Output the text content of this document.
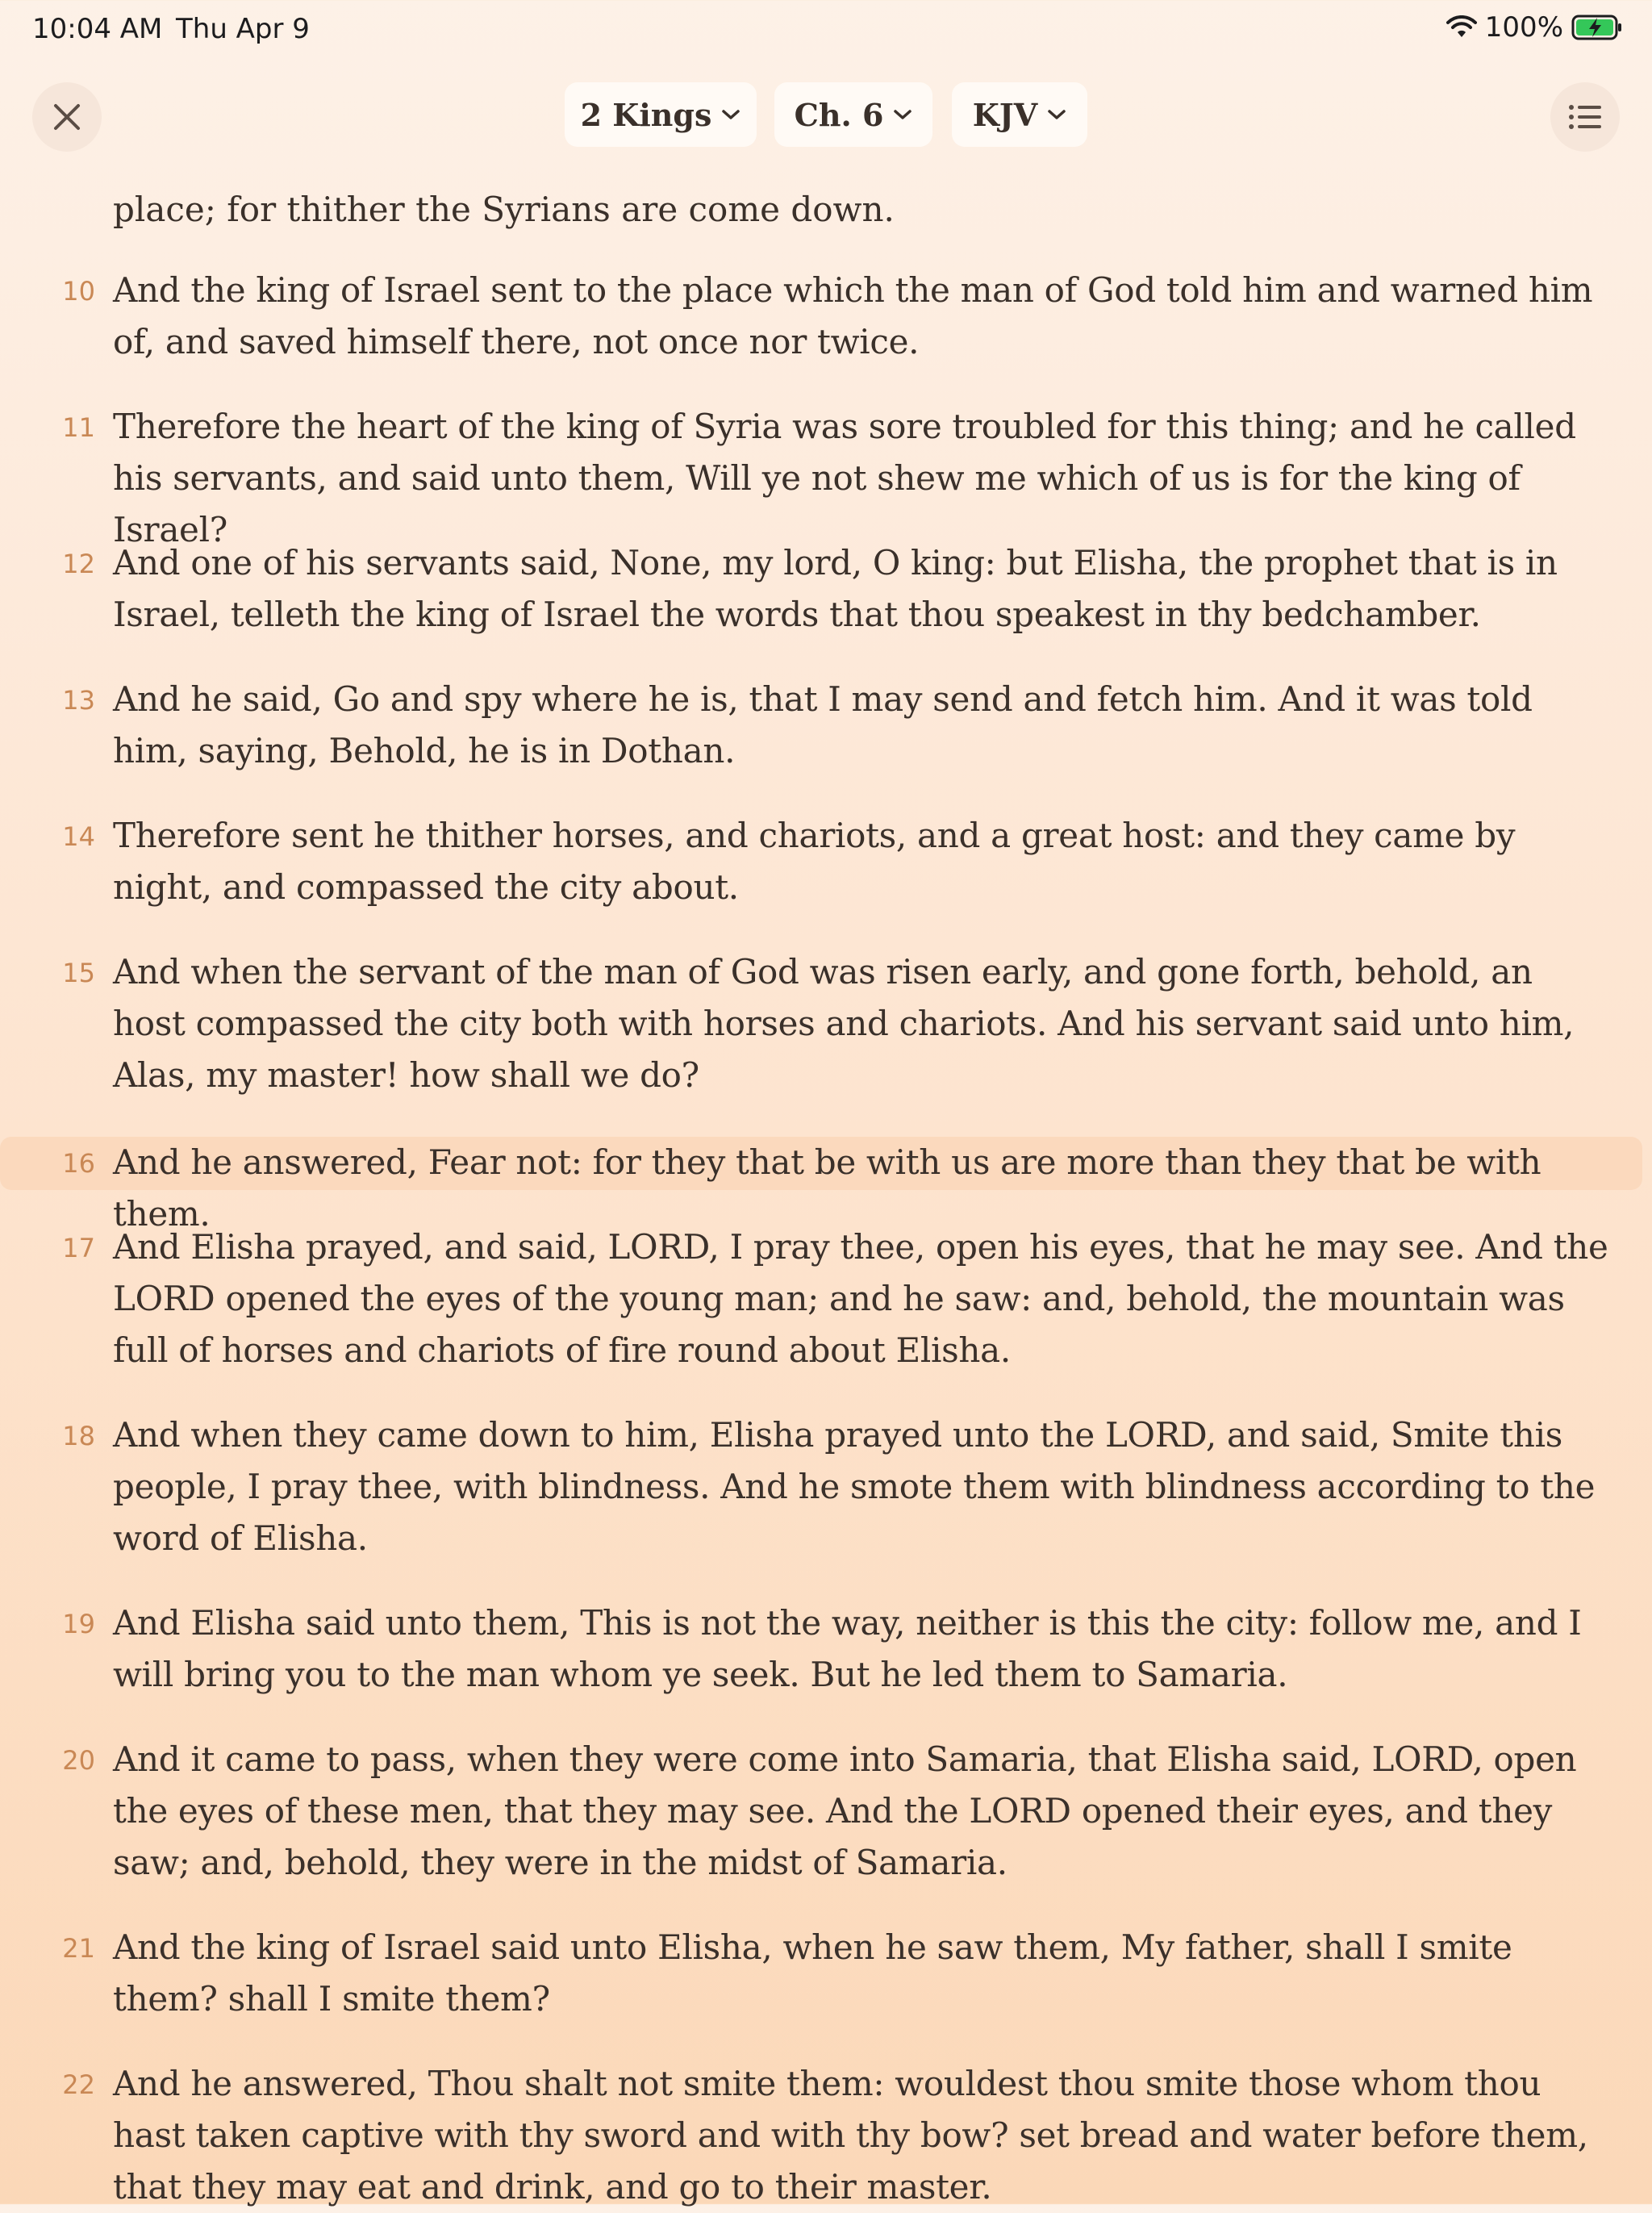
10:04 AM Thu Apr 9	100%
2 Kings	Ch. 6	KJV

place; for thither the Syrians are come down.

10 And the king of Israel sent to the place which the man of God told him and warned him of, and saved himself there, not once nor twice.
11 Therefore the heart of the king of Syria was sore troubled for this thing; and he called his servants, and said unto them, Will ye not shew me which of us is for the king of Israel?
12 And one of his servants said, None, my lord, O king: but Elisha, the prophet that is in Israel, telleth the king of Israel the words that thou speakest in thy bedchamber.
13 And he said, Go and spy where he is, that I may send and fetch him. And it was told him, saying, Behold, he is in Dothan.
14 Therefore sent he thither horses, and chariots, and a great host: and they came by night, and compassed the city about.
15 And when the servant of the man of God was risen early, and gone forth, behold, an host compassed the city both with horses and chariots. And his servant said unto him, Alas, my master! how shall we do?
16 And he answered, Fear not: for they that be with us are more than they that be with them.
17 And Elisha prayed, and said, LORD, I pray thee, open his eyes, that he may see. And the LORD opened the eyes of the young man; and he saw: and, behold, the mountain was full of horses and chariots of fire round about Elisha.
18 And when they came down to him, Elisha prayed unto the LORD, and said, Smite this people, I pray thee, with blindness. And he smote them with blindness according to the word of Elisha.
19 And Elisha said unto them, This is not the way, neither is this the city: follow me, and I will bring you to the man whom ye seek. But he led them to Samaria.
20 And it came to pass, when they were come into Samaria, that Elisha said, LORD, open the eyes of these men, that they may see. And the LORD opened their eyes, and they saw; and, behold, they were in the midst of Samaria.
21 And the king of Israel said unto Elisha, when he saw them, My father, shall I smite them? shall I smite them?
22 And he answered, Thou shalt not smite them: wouldest thou smite those whom thou hast taken captive with thy sword and with thy bow? set bread and water before them, that they may eat and drink, and go to their master.
